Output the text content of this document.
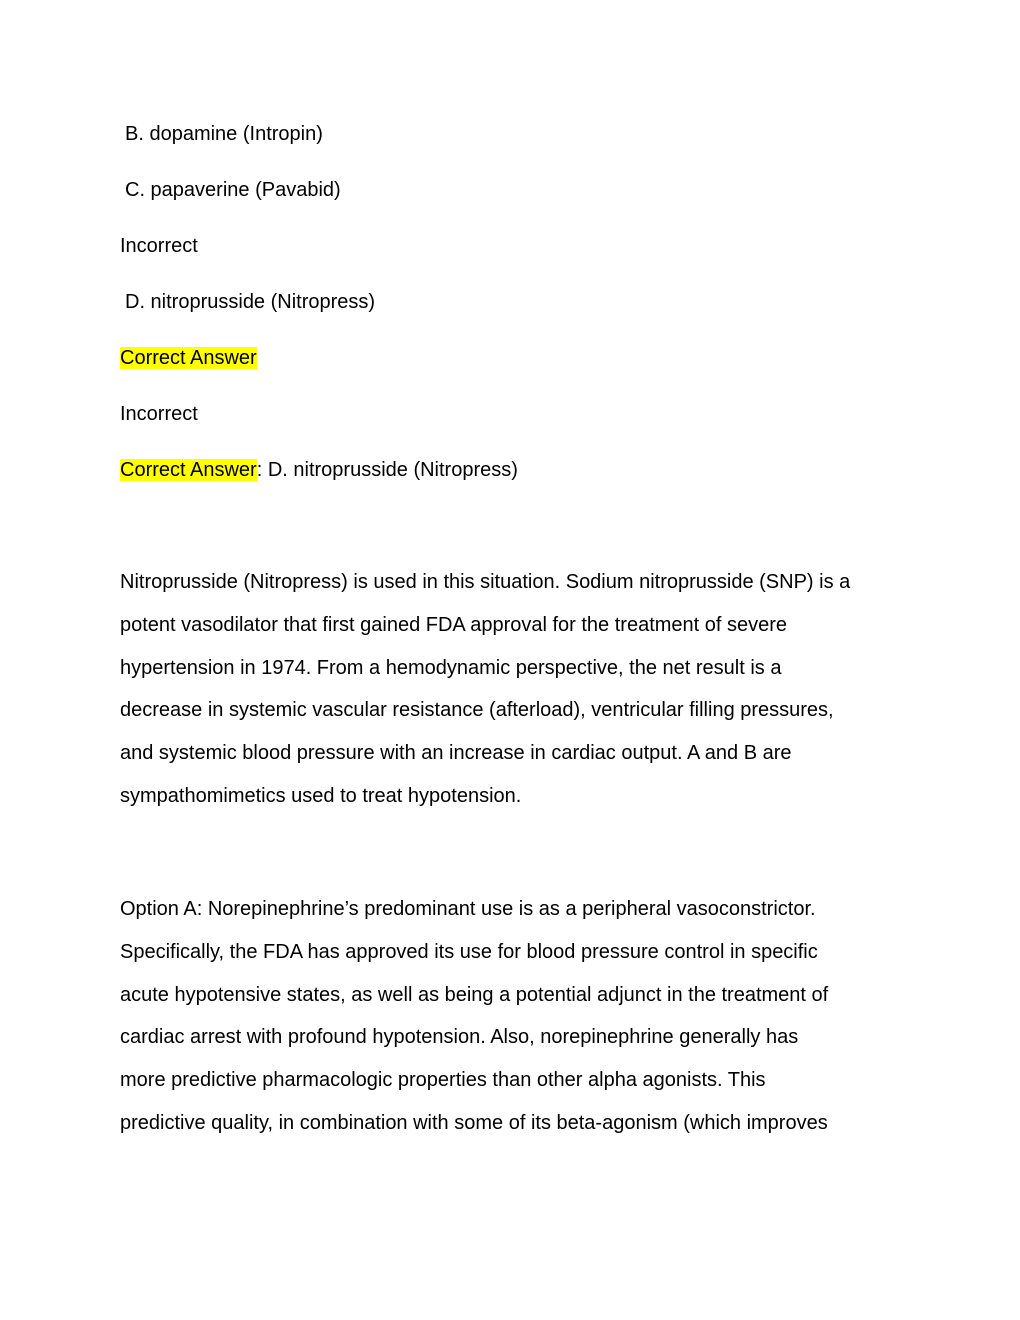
B. dopamine (Intropin)
C. papaverine (Pavabid)
Incorrect
D. nitroprusside (Nitropress)
Correct Answer
Incorrect
Correct Answer: D. nitroprusside (Nitropress)
Nitroprusside (Nitropress) is used in this situation. Sodium nitroprusside (SNP) is a
potent vasodilator that first gained FDA approval for the treatment of severe
hypertension in 1974. From a hemodynamic perspective, the net result is a
decrease in systemic vascular resistance (afterload), ventricular filling pressures,
and systemic blood pressure with an increase in cardiac output. A and B are
sympathomimetics used to treat hypotension.
Option A: Norepinephrine’s predominant use is as a peripheral vasoconstrictor.
Specifically, the FDA has approved its use for blood pressure control in specific
acute hypotensive states, as well as being a potential adjunct in the treatment of
cardiac arrest with profound hypotension. Also, norepinephrine generally has
more predictive pharmacologic properties than other alpha agonists. This
predictive quality, in combination with some of its beta-agonism (which improves
